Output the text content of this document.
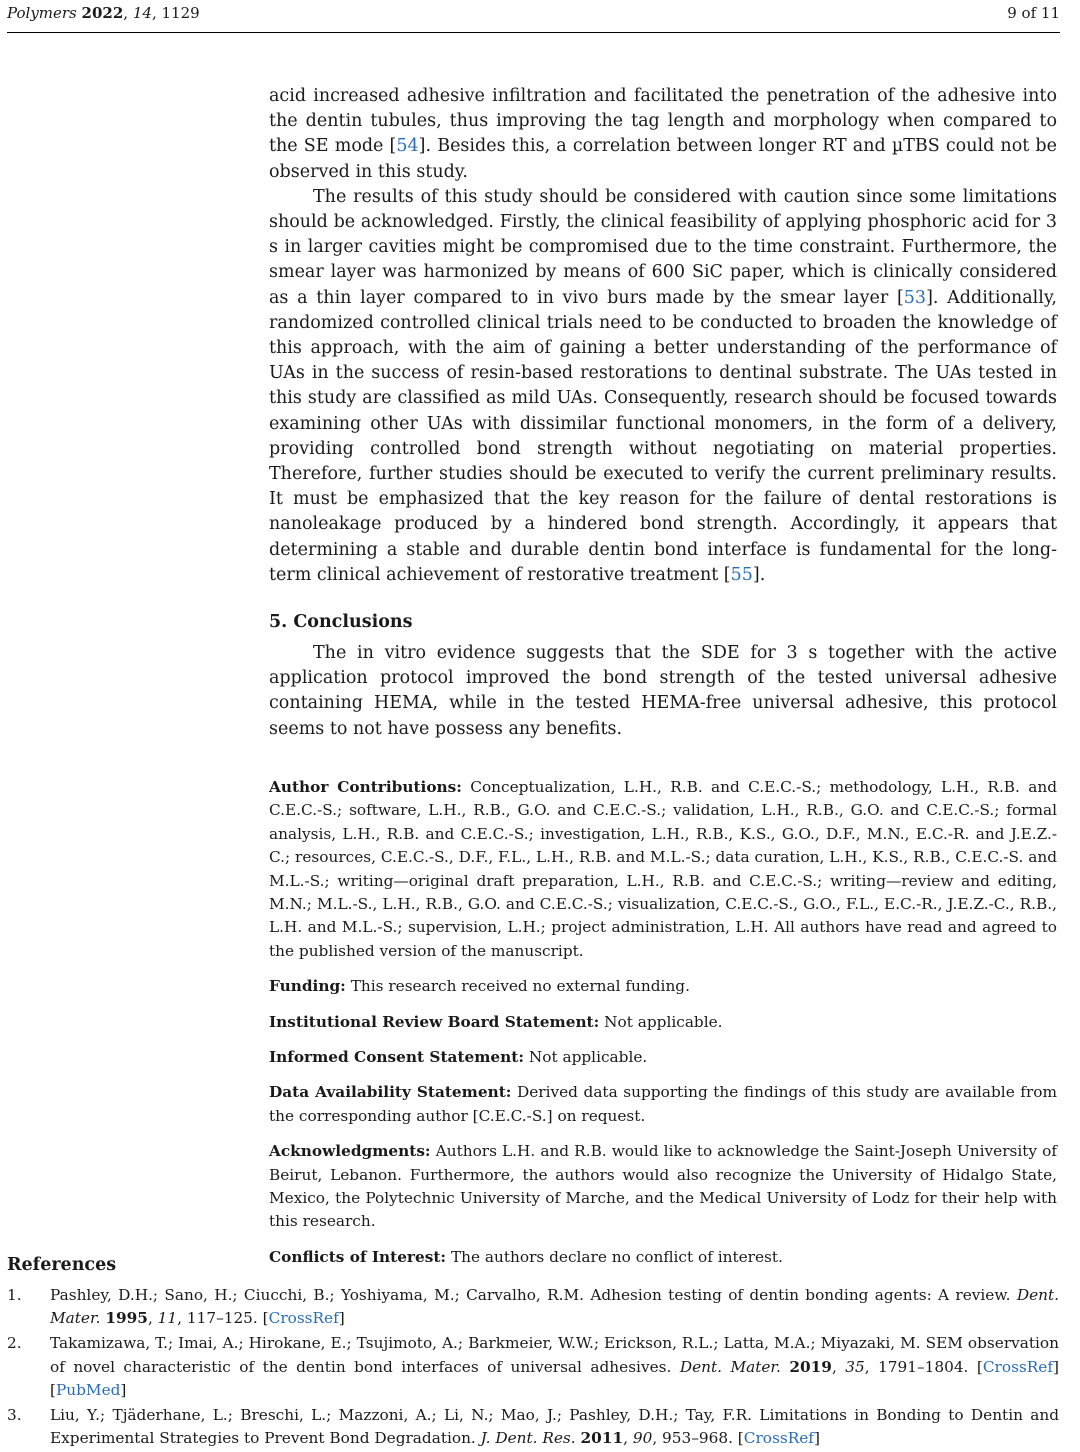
Polymers 2022, 14, 1129	9 of 11

acid increased adhesive infiltration and facilitated the penetration of the adhesive into the dentin tubules, thus improving the tag length and morphology when compared to the SE mode [54]. Besides this, a correlation between longer RT and µTBS could not be observed in this study.

The results of this study should be considered with caution since some limitations should be acknowledged. Firstly, the clinical feasibility of applying phosphoric acid for 3 s in larger cavities might be compromised due to the time constraint. Furthermore, the smear layer was harmonized by means of 600 SiC paper, which is clinically considered as a thin layer compared to in vivo burs made by the smear layer [53]. Additionally, randomized controlled clinical trials need to be conducted to broaden the knowledge of this approach, with the aim of gaining a better understanding of the performance of UAs in the success of resin-based restorations to dentinal substrate. The UAs tested in this study are classified as mild UAs. Consequently, research should be focused towards examining other UAs with dissimilar functional monomers, in the form of a delivery, providing controlled bond strength without negotiating on material properties. Therefore, further studies should be executed to verify the current preliminary results. It must be emphasized that the key reason for the failure of dental restorations is nanoleakage produced by a hindered bond strength. Accordingly, it appears that determining a stable and durable dentin bond interface is fundamental for the long-term clinical achievement of restorative treatment [55].

5. Conclusions

The in vitro evidence suggests that the SDE for 3 s together with the active application protocol improved the bond strength of the tested universal adhesive containing HEMA, while in the tested HEMA-free universal adhesive, this protocol seems to not have possess any benefits.

Author Contributions: Conceptualization, L.H., R.B. and C.E.C.-S.; methodology, L.H., R.B. and C.E.C.-S.; software, L.H., R.B., G.O. and C.E.C.-S.; validation, L.H., R.B., G.O. and C.E.C.-S.; formal analysis, L.H., R.B. and C.E.C.-S.; investigation, L.H., R.B., K.S., G.O., D.F., M.N., E.C.-R. and J.E.Z.-C.; resources, C.E.C.-S., D.F., F.L., L.H., R.B. and M.L.-S.; data curation, L.H., K.S., R.B., C.E.C.-S. and M.L.-S.; writing—original draft preparation, L.H., R.B. and C.E.C.-S.; writing—review and editing, M.N.; M.L.-S., L.H., R.B., G.O. and C.E.C.-S.; visualization, C.E.C.-S., G.O., F.L., E.C.-R., J.E.Z.-C., R.B., L.H. and M.L.-S.; supervision, L.H.; project administration, L.H. All authors have read and agreed to the published version of the manuscript.

Funding: This research received no external funding.

Institutional Review Board Statement: Not applicable.

Informed Consent Statement: Not applicable.

Data Availability Statement: Derived data supporting the findings of this study are available from the corresponding author [C.E.C.-S.] on request.

Acknowledgments: Authors L.H. and R.B. would like to acknowledge the Saint-Joseph University of Beirut, Lebanon. Furthermore, the authors would also recognize the University of Hidalgo State, Mexico, the Polytechnic University of Marche, and the Medical University of Lodz for their help with this research.

Conflicts of Interest: The authors declare no conflict of interest.

References
1. Pashley, D.H.; Sano, H.; Ciucchi, B.; Yoshiyama, M.; Carvalho, R.M. Adhesion testing of dentin bonding agents: A review. Dent. Mater. 1995, 11, 117–125. [CrossRef]
2. Takamizawa, T.; Imai, A.; Hirokane, E.; Tsujimoto, A.; Barkmeier, W.W.; Erickson, R.L.; Latta, M.A.; Miyazaki, M. SEM observation of novel characteristic of the dentin bond interfaces of universal adhesives. Dent. Mater. 2019, 35, 1791–1804. [CrossRef] [PubMed]
3. Liu, Y.; Tjäderhane, L.; Breschi, L.; Mazzoni, A.; Li, N.; Mao, J.; Pashley, D.H.; Tay, F.R. Limitations in Bonding to Dentin and Experimental Strategies to Prevent Bond Degradation. J. Dent. Res. 2011, 90, 953–968. [CrossRef]
